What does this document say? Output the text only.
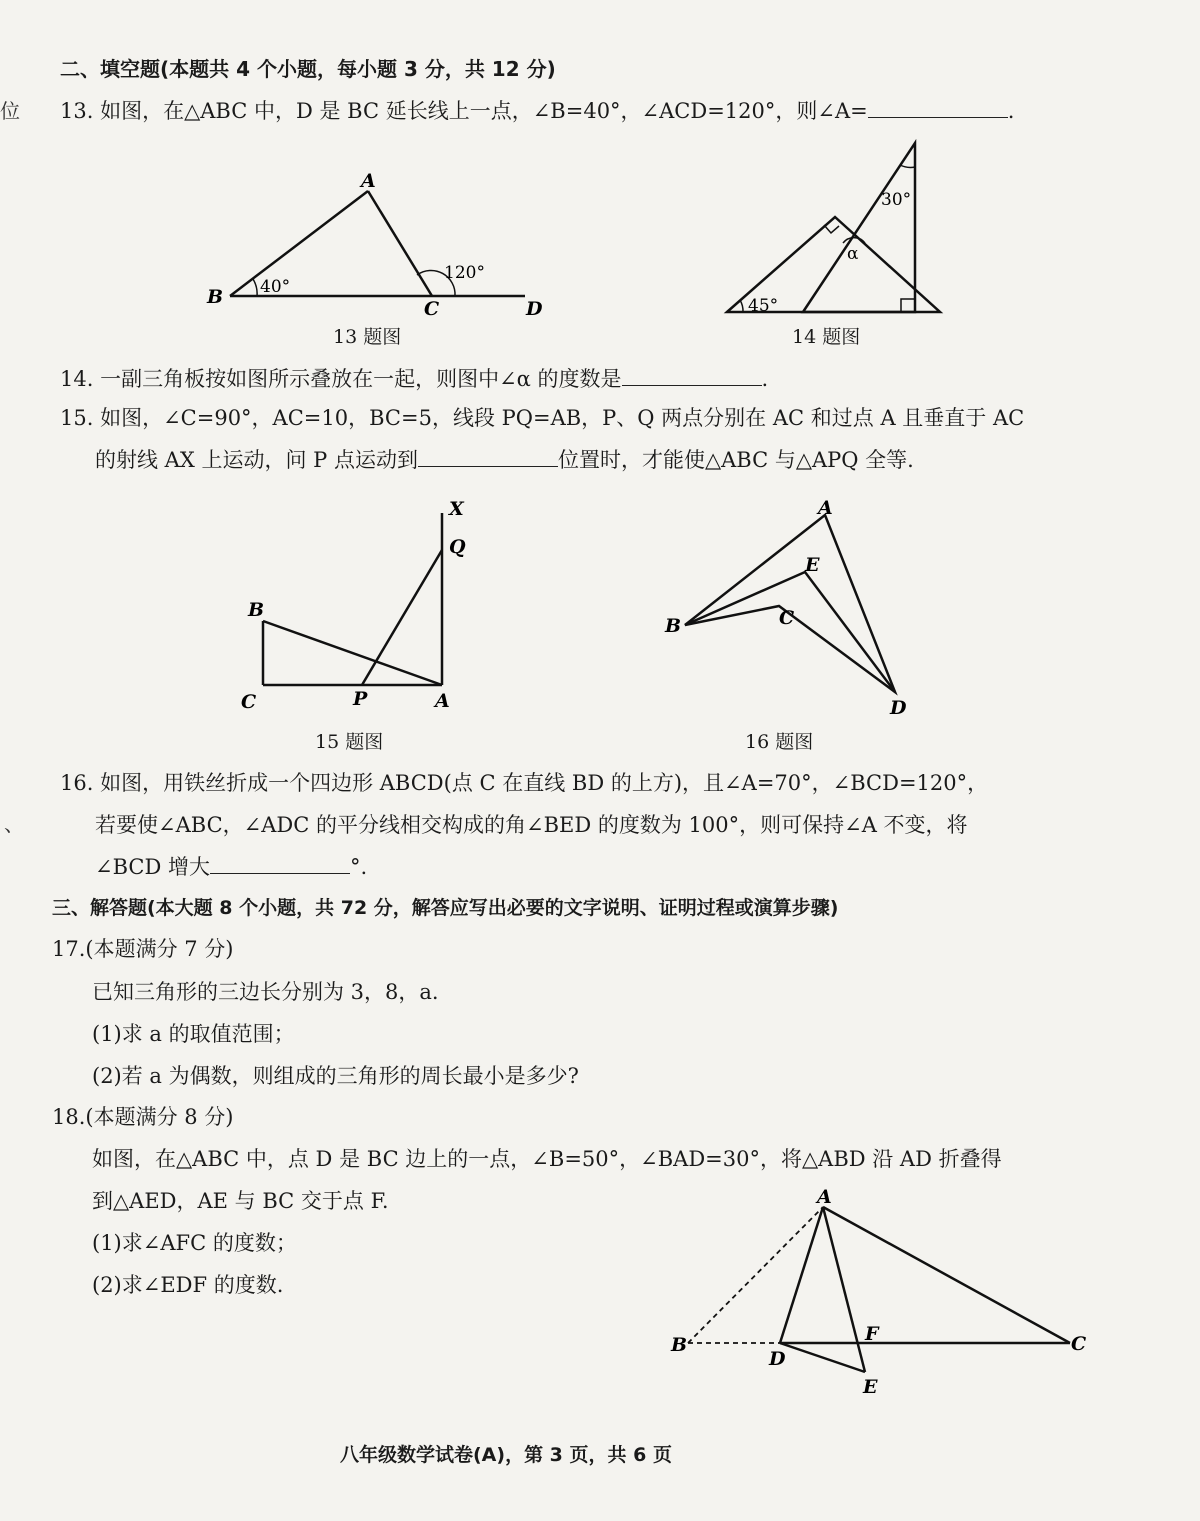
位
、
二、填空题(本题共 4 个小题，每小题 3 分，共 12 分)
13. 如图，在△ABC 中，D 是 BC 延长线上一点，∠B=40°，∠ACD=120°，则∠A=	.
A
B
C	D
40°
120°
13 题图
30°
α
45°
14 题图
14. 一副三角板按如图所示叠放在一起，则图中∠α 的度数是	.
15. 如图，∠C=90°，AC=10，BC=5，线段 PQ=AB，P、Q 两点分别在 AC 和过点 A 且垂直于 AC
的射线 AX 上运动，问 P 点运动到	位置时，才能使△ABC 与△APQ 全等.
X
Q
B
C	P	A
15 题图
A
E
B	C
D
16 题图
16. 如图，用铁丝折成一个四边形 ABCD(点 C 在直线 BD 的上方)，且∠A=70°，∠BCD=120°，
若要使∠ABC，∠ADC 的平分线相交构成的角∠BED 的度数为 100°，则可保持∠A 不变，将
∠BCD 增大	°.
三、解答题(本大题 8 个小题，共 72 分，解答应写出必要的文字说明、证明过程或演算步骤)
17.(本题满分 7 分)
已知三角形的三边长分别为 3，8，a.
(1)求 a 的取值范围；
(2)若 a 为偶数，则组成的三角形的周长最小是多少?
18.(本题满分 8 分)
如图，在△ABC 中，点 D 是 BC 边上的一点，∠B=50°，∠BAD=30°，将△ABD 沿 AD 折叠得
到△AED，AE 与 BC 交于点 F.
(1)求∠AFC 的度数；
(2)求∠EDF 的度数.
A
B
D
F	C
E
八年级数学试卷(A)，第 3 页，共 6 页
